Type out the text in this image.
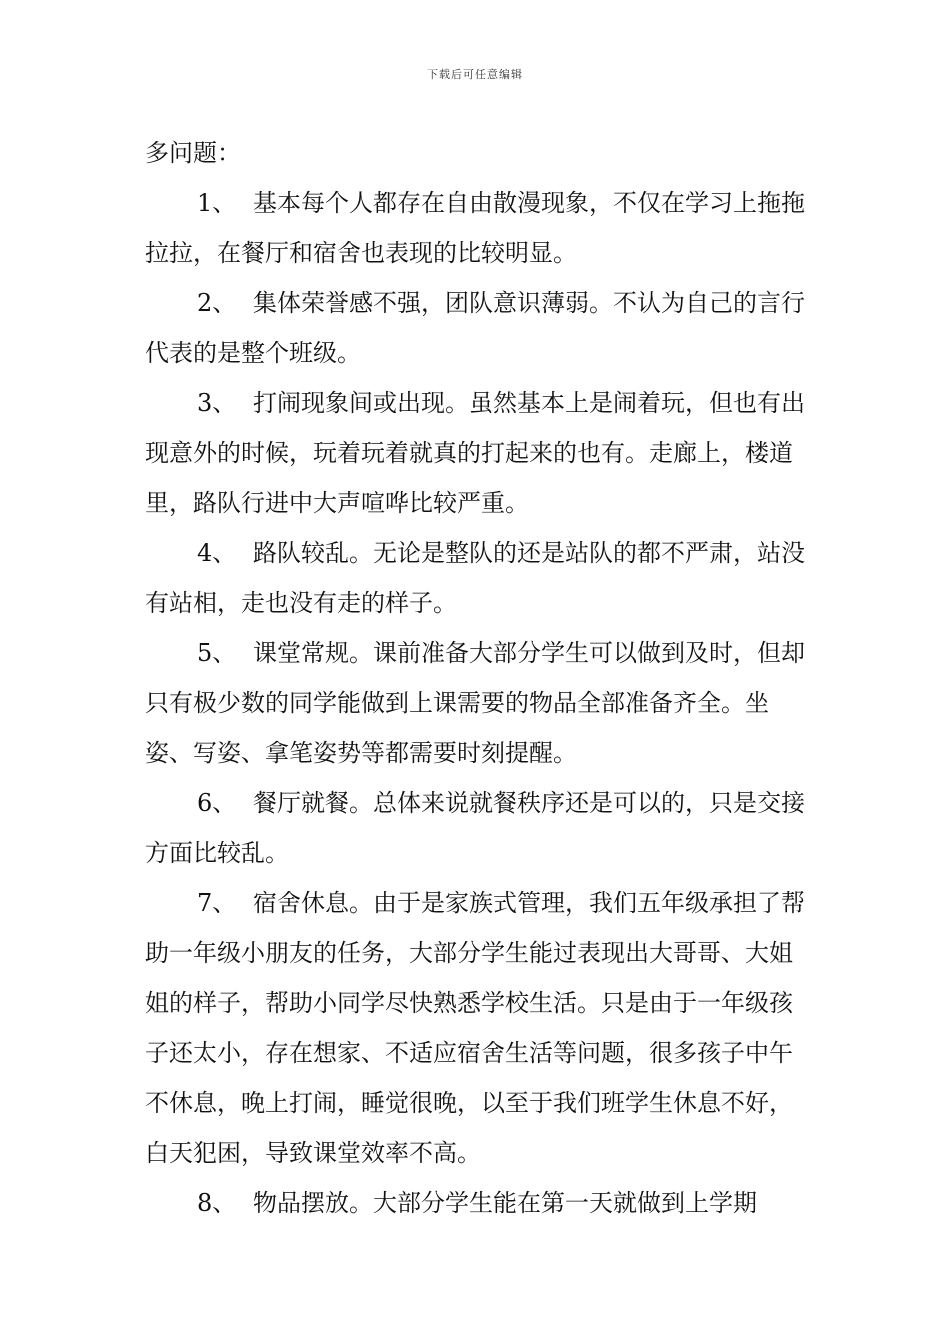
下载后可任意编辑

多问题：

1、 基本每个人都存在自由散漫现象，不仅在学习上拖拖拉拉，在餐厅和宿舍也表现的比较明显。

2、 集体荣誉感不强，团队意识薄弱。不认为自己的言行代表的是整个班级。

3、 打闹现象间或出现。虽然基本上是闹着玩，但也有出现意外的时候，玩着玩着就真的打起来的也有。走廊上，楼道里，路队行进中大声喧哗比较严重。

4、 路队较乱。无论是整队的还是站队的都不严肃，站没有站相，走也没有走的样子。

5、 课堂常规。课前准备大部分学生可以做到及时，但却只有极少数的同学能做到上课需要的物品全部准备齐全。坐姿、写姿、拿笔姿势等都需要时刻提醒。

6、 餐厅就餐。总体来说就餐秩序还是可以的，只是交接方面比较乱。

7、 宿舍休息。由于是家族式管理，我们五年级承担了帮助一年级小朋友的任务，大部分学生能过表现出大哥哥、大姐姐的样子，帮助小同学尽快熟悉学校生活。只是由于一年级孩子还太小，存在想家、不适应宿舍生活等问题，很多孩子中午不休息，晚上打闹，睡觉很晚，以至于我们班学生休息不好，白天犯困，导致课堂效率不高。

8、 物品摆放。大部分学生能在第一天就做到上学期
